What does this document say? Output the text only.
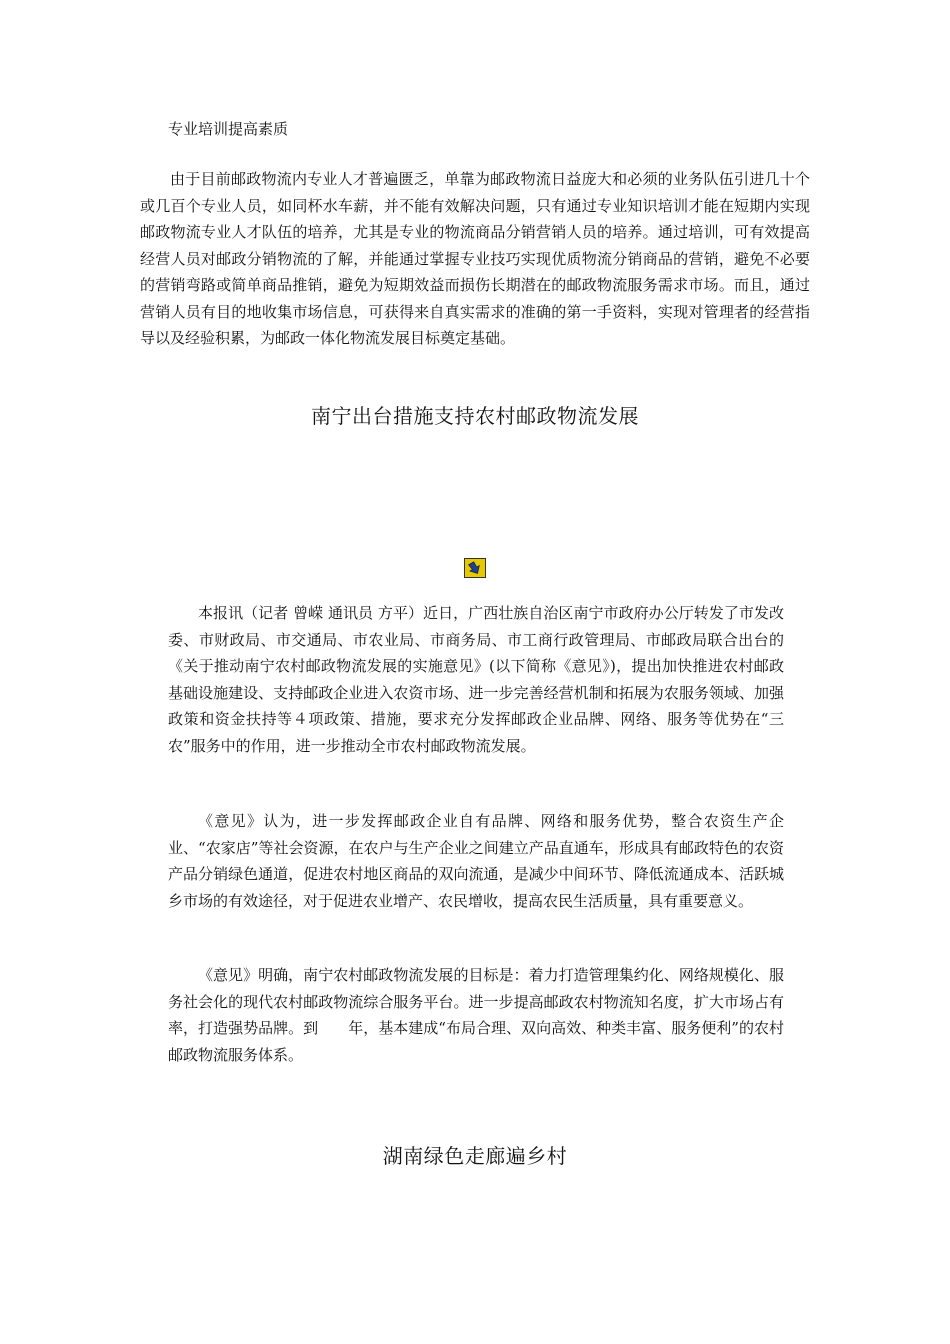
专业培训提高素质

由于目前邮政物流内专业人才普遍匮乏，单靠为邮政物流日益庞大和必须的业务队伍引进几十个或几百个专业人员，如同杯水车薪，并不能有效解决问题，只有通过专业知识培训才能在短期内实现邮政物流专业人才队伍的培养，尤其是专业的物流商品分销营销人员的培养。通过培训，可有效提高经营人员对邮政分销物流的了解，并能通过掌握专业技巧实现优质物流分销商品的营销，避免不必要的营销弯路或简单商品推销，避免为短期效益而损伤长期潜在的邮政物流服务需求市场。而且，通过营销人员有目的地收集市场信息，可获得来自真实需求的准确的第一手资料，实现对管理者的经营指导以及经验积累，为邮政一体化物流发展目标奠定基础。

南宁出台措施支持农村邮政物流发展

本报讯（记者 曾嵘 通讯员 方平）近日，广西壮族自治区南宁市政府办公厅转发了市发改委、市财政局、市交通局、市农业局、市商务局、市工商行政管理局、市邮政局联合出台的《关于推动南宁农村邮政物流发展的实施意见》(以下简称《意见》)，提出加快推进农村邮政基础设施建设、支持邮政企业进入农资市场、进一步完善经营机制和拓展为农服务领域、加强政策和资金扶持等４项政策、措施，要求充分发挥邮政企业品牌、网络、服务等优势在“三农”服务中的作用，进一步推动全市农村邮政物流发展。

《意见》认为，进一步发挥邮政企业自有品牌、网络和服务优势，整合农资生产企业、“农家店”等社会资源，在农户与生产企业之间建立产品直通车，形成具有邮政特色的农资产品分销绿色通道，促进农村地区商品的双向流通，是减少中间环节、降低流通成本、活跃城乡市场的有效途径，对于促进农业增产、农民增收，提高农民生活质量，具有重要意义。

《意见》明确，南宁农村邮政物流发展的目标是：着力打造管理集约化、网络规模化、服务社会化的现代农村邮政物流综合服务平台。进一步提高邮政农村物流知名度，扩大市场占有率，打造强势品牌。到　　年，基本建成“布局合理、双向高效、种类丰富、服务便利”的农村邮政物流服务体系。

湖南绿色走廊遍乡村
